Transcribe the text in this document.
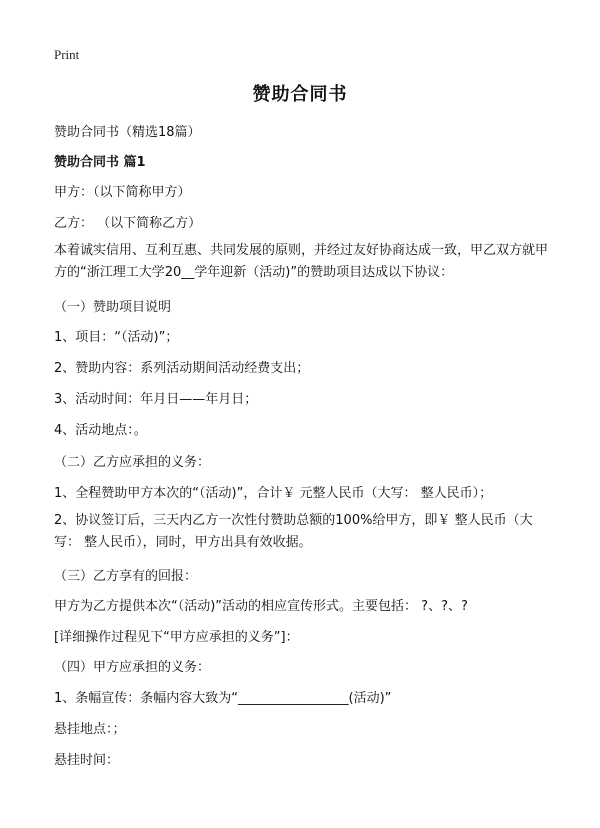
Print
赞助合同书
赞助合同书（精选18篇）
赞助合同书 篇1
甲方：（以下简称甲方）
乙方： （以下简称乙方）
本着诚实信用、互利互惠、共同发展的原则，并经过友好协商达成一致，甲乙双方就甲方的“浙江理工大学20__学年迎新（活动)”的赞助项目达成以下协议：
（一）赞助项目说明
1、项目：“（活动)”；
2、赞助内容：系列活动期间活动经费支出；
3、活动时间：年月日——年月日；
4、活动地点：。
（二）乙方应承担的义务：
1、全程赞助甲方本次的“（活动)”，合计￥ 元整人民币（大写： 整人民币）；
2、协议签订后，三天内乙方一次性付赞助总额的100%给甲方，即￥ 整人民币（大写： 整人民币），同时，甲方出具有效收据。
（三）乙方享有的回报：
甲方为乙方提供本次“（活动)”活动的相应宣传形式。主要包括： ?、?、?
[详细操作过程见下“甲方应承担的义务”]：
（四）甲方应承担的义务：
1、条幅宣传：条幅内容大致为“_________________(活动)”
悬挂地点：；
悬挂时间：
